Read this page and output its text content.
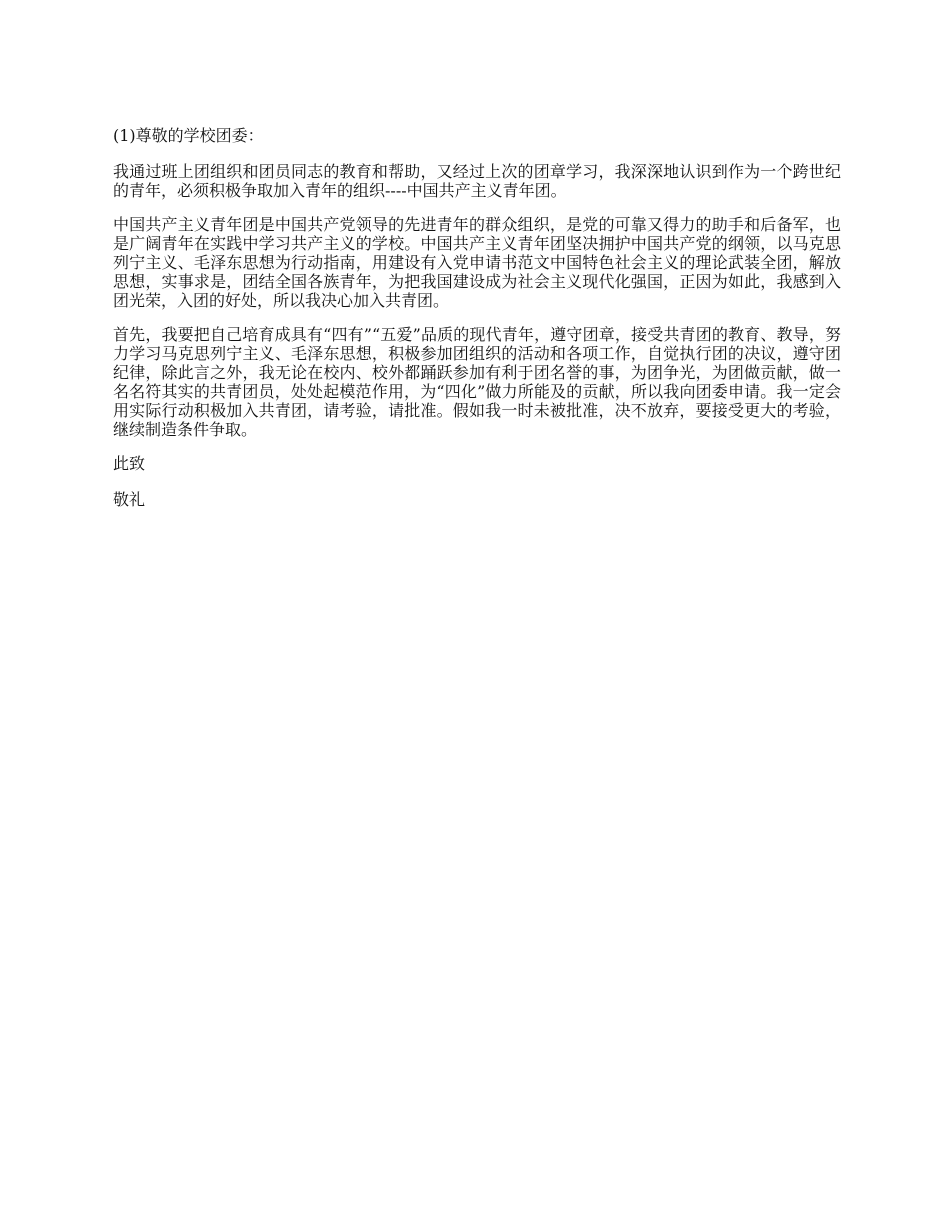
(1)尊敬的学校团委：

我通过班上团组织和团员同志的教育和帮助，又经过上次的团章学习，我深深地认识到作为一个跨世纪的青年，必须积极争取加入青年的组织----中国共产主义青年团。

中国共产主义青年团是中国共产党领导的先进青年的群众组织，是党的可靠又得力的助手和后备军，也是广阔青年在实践中学习共产主义的学校。中国共产主义青年团坚决拥护中国共产党的纲领，以马克思列宁主义、毛泽东思想为行动指南，用建设有入党申请书范文中国特色社会主义的理论武装全团，解放思想，实事求是，团结全国各族青年，为把我国建设成为社会主义现代化强国，正因为如此，我感到入团光荣，入团的好处，所以我决心加入共青团。

首先，我要把自己培育成具有“四有”“五爱”品质的现代青年，遵守团章，接受共青团的教育、教导，努力学习马克思列宁主义、毛泽东思想，积极参加团组织的活动和各项工作，自觉执行团的决议，遵守团纪律，除此言之外，我无论在校内、校外都踊跃参加有利于团名誉的事，为团争光，为团做贡献，做一名名符其实的共青团员，处处起模范作用，为“四化”做力所能及的贡献，所以我向团委申请。我一定会用实际行动积极加入共青团，请考验，请批准。假如我一时未被批准，决不放弃，要接受更大的考验，继续制造条件争取。

此致

敬礼
